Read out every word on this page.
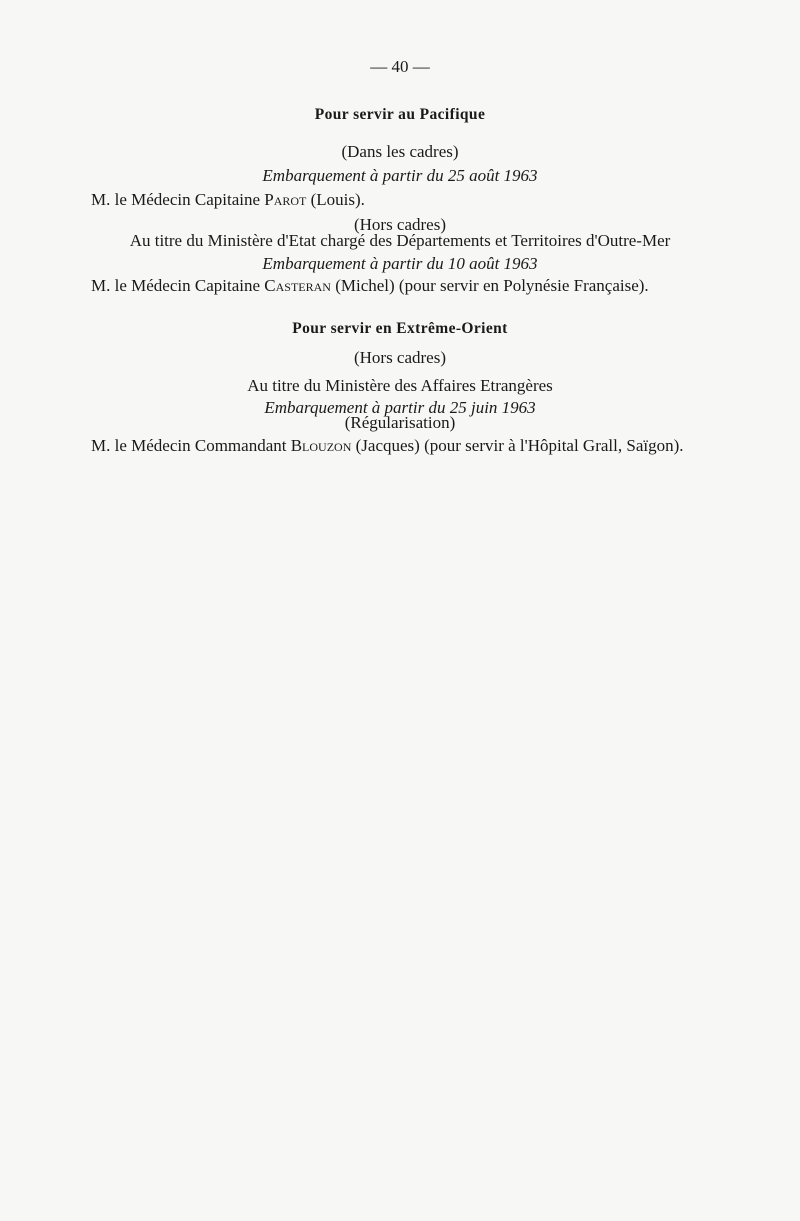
— 40 —
Pour servir au Pacifique
(Dans les cadres)
Embarquement à partir du 25 août 1963
M. le Médecin Capitaine Parot (Louis).
(Hors cadres)
Au titre du Ministère d'Etat chargé des Départements et Territoires d'Outre-Mer
Embarquement à partir du 10 août 1963
M. le Médecin Capitaine Casteran (Michel) (pour servir en Polynésie Française).
Pour servir en Extrême-Orient
(Hors cadres)
Au titre du Ministère des Affaires Etrangères
Embarquement à partir du 25 juin 1963
(Régularisation)
M. le Médecin Commandant Blouzon (Jacques) (pour servir à l'Hôpital Grall, Saïgon).
